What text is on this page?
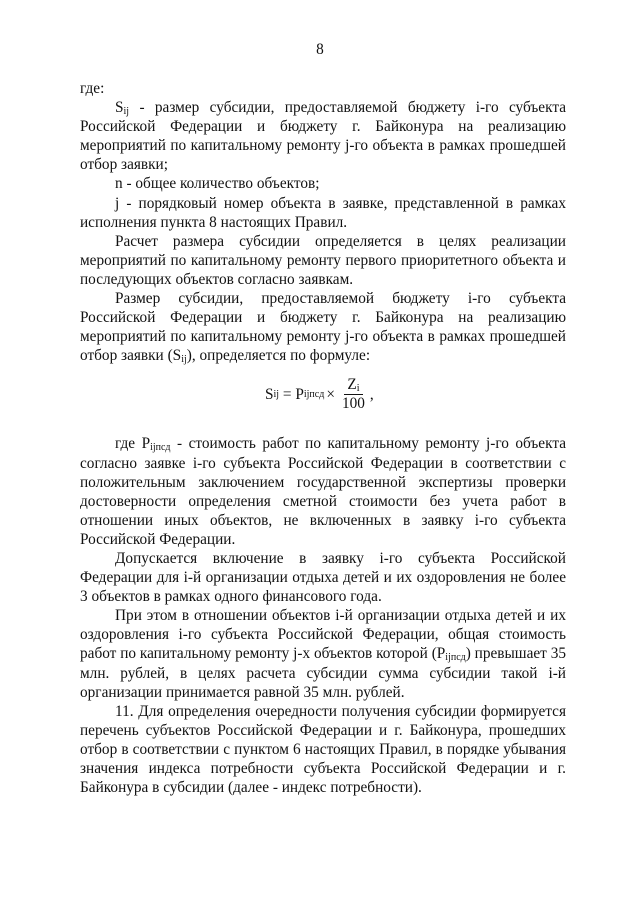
8

где:

$S_{ij}$ - размер субсидии, предоставляемой бюджету i-го субъекта Российской Федерации и бюджету г. Байконура на реализацию мероприятий по капитальному ремонту j-го объекта в рамках прошедшей отбор заявки;

n - общее количество объектов;

j - порядковый номер объекта в заявке, представленной в рамках исполнения пункта 8 настоящих Правил.

Расчет размера субсидии определяется в целях реализации мероприятий по капитальному ремонту первого приоритетного объекта и последующих объектов согласно заявкам.

Размер субсидии, предоставляемой бюджету i-го субъекта Российской Федерации и бюджету г. Байконура на реализацию мероприятий по капитальному ремонту j-го объекта в рамках прошедшей отбор заявки $(S_{ij})$, определяется по формуле:

S ij = P ijпсд × $\frac{Z_i}{100}$ ,

где $P_{ijпсд}$ - стоимость работ по капитальному ремонту j-го объекта согласно заявке i-го субъекта Российской Федерации в соответствии с положительным заключением государственной экспертизы проверки достоверности определения сметной стоимости без учета работ в отношении иных объектов, не включенных в заявку i-го субъекта Российской Федерации.

Допускается включение в заявку i-го субъекта Российской Федерации для i-й организации отдыха детей и их оздоровления не более 3 объектов в рамках одного финансового года.

При этом в отношении объектов i-й организации отдыха детей и их оздоровления i-го субъекта Российской Федерации, общая стоимость работ по капитальному ремонту j-х объектов которой $(P_{ijпсд})$ превышает 35 млн. рублей, в целях расчета субсидии сумма субсидии такой i-й организации принимается равной 35 млн. рублей.

11. Для определения очередности получения субсидии формируется перечень субъектов Российской Федерации и г. Байконура, прошедших отбор в соответствии с пунктом 6 настоящих Правил, в порядке убывания значения индекса потребности субъекта Российской Федерации и г. Байконура в субсидии (далее - индекс потребности).
